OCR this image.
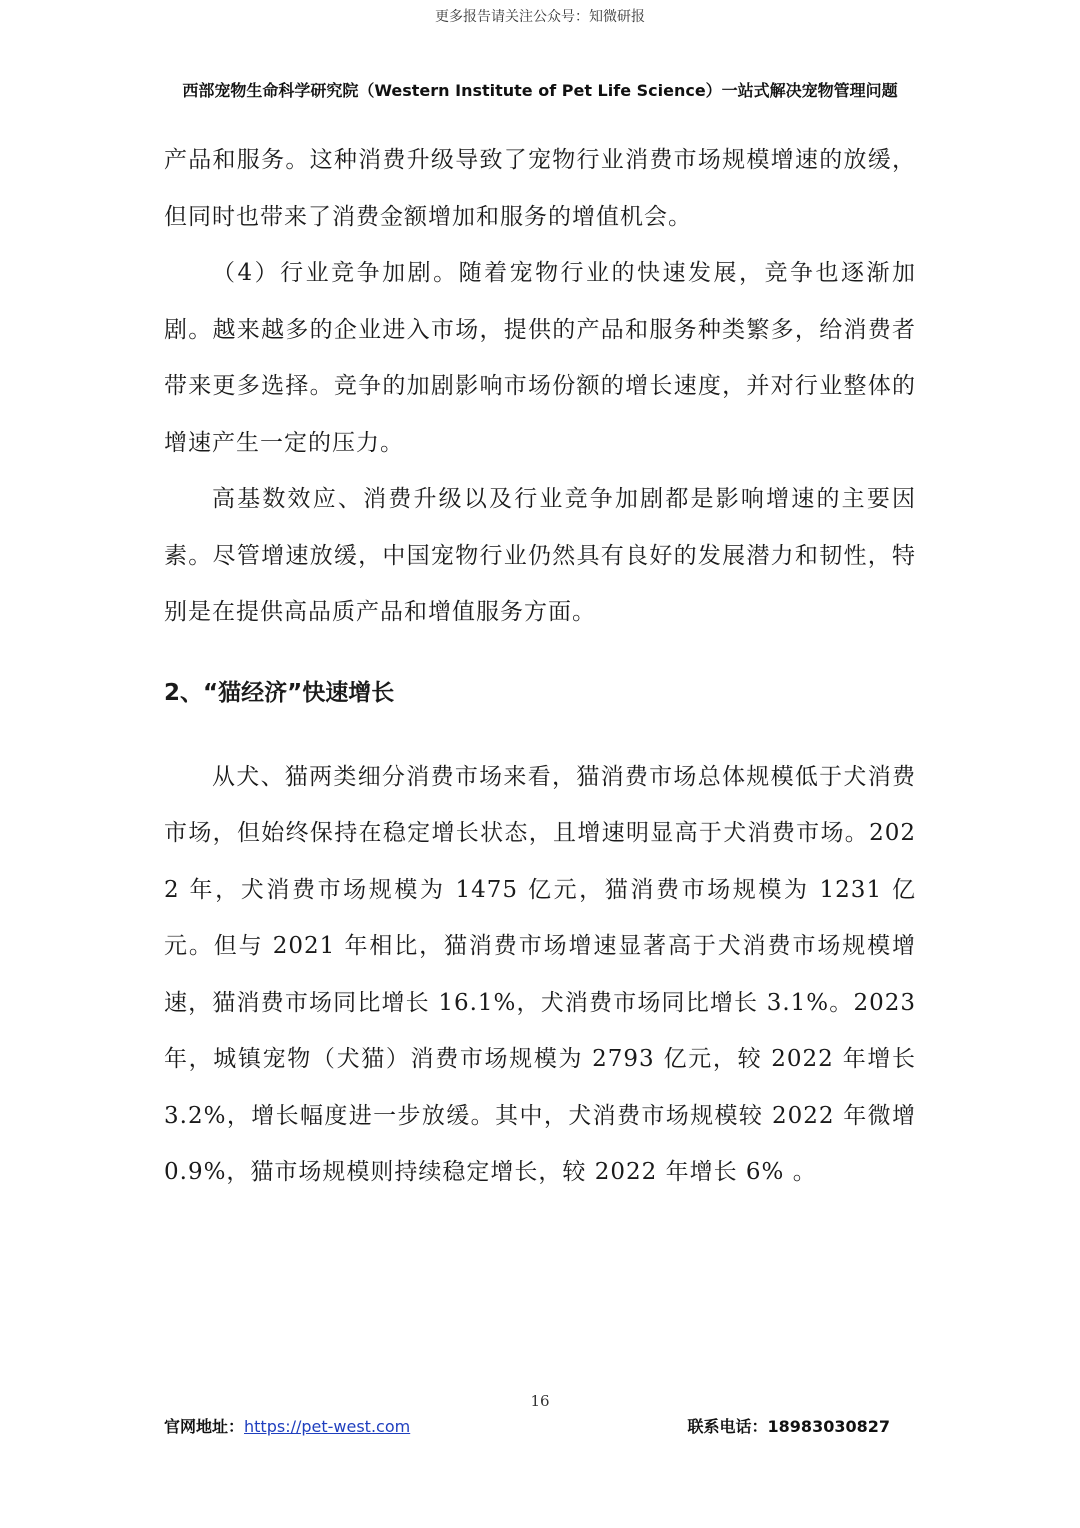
更多报告请关注公众号：知微研报
西部宠物生命科学研究院（Western Institute of Pet Life Science）一站式解决宠物管理问题

产品和服务。这种消费升级导致了宠物行业消费市场规模增速的放缓，但同时也带来了消费金额增加和服务的增值机会。

（4）行业竞争加剧。随着宠物行业的快速发展，竞争也逐渐加剧。越来越多的企业进入市场，提供的产品和服务种类繁多，给消费者带来更多选择。竞争的加剧影响市场份额的增长速度，并对行业整体的增速产生一定的压力。

高基数效应、消费升级以及行业竞争加剧都是影响增速的主要因素。尽管增速放缓，中国宠物行业仍然具有良好的发展潜力和韧性，特别是在提供高品质产品和增值服务方面。

2、“猫经济”快速增长

从犬、猫两类细分消费市场来看，猫消费市场总体规模低于犬消费市场，但始终保持在稳定增长状态，且增速明显高于犬消费市场。2022 年，犬消费市场规模为 1475 亿元，猫消费市场规模为 1231 亿元。但与 2021 年相比，猫消费市场增速显著高于犬消费市场规模增速，猫消费市场同比增长 16.1%，犬消费市场同比增长 3.1%。2023 年，城镇宠物（犬猫）消费市场规模为 2793 亿元，较 2022 年增长 3.2%，增长幅度进一步放缓。其中，犬消费市场规模较 2022 年微增 0.9%，猫市场规模则持续稳定增长，较 2022 年增长 6% 。

16
官网地址：https://pet-west.com	联系电话：18983030827
